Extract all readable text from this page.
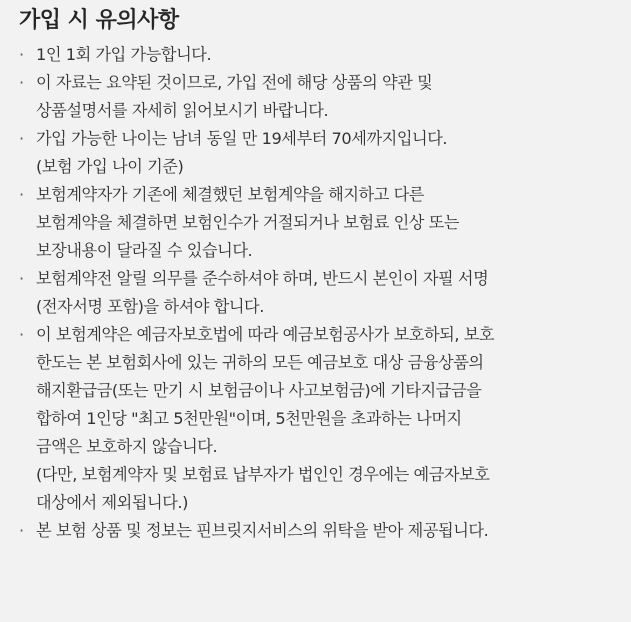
가입 시 유의사항
· 1인 1회 가입 가능합니다.
· 이 자료는 요약된 것이므로, 가입 전에 해당 상품의 약관 및
상품설명서를 자세히 읽어보시기 바랍니다.
· 가입 가능한 나이는 남녀 동일 만 19세부터 70세까지입니다.
(보험 가입 나이 기준)
· 보험계약자가 기존에 체결했던 보험계약을 해지하고 다른
보험계약을 체결하면 보험인수가 거절되거나 보험료 인상 또는
보장내용이 달라질 수 있습니다.
· 보험계약전 알릴 의무를 준수하셔야 하며, 반드시 본인이 자필 서명
(전자서명 포함)을 하셔야 합니다.
· 이 보험계약은 예금자보호법에 따라 예금보험공사가 보호하되, 보호
한도는 본 보험회사에 있는 귀하의 모든 예금보호 대상 금융상품의
해지환급금(또는 만기 시 보험금이나 사고보험금)에 기타지급금을
합하여 1인당 "최고 5천만원"이며, 5천만원을 초과하는 나머지
금액은 보호하지 않습니다.
(다만, 보험계약자 및 보험료 납부자가 법인인 경우에는 예금자보호
대상에서 제외됩니다.)
· 본 보험 상품 및 정보는 핀브릿지서비스의 위탁을 받아 제공됩니다.
